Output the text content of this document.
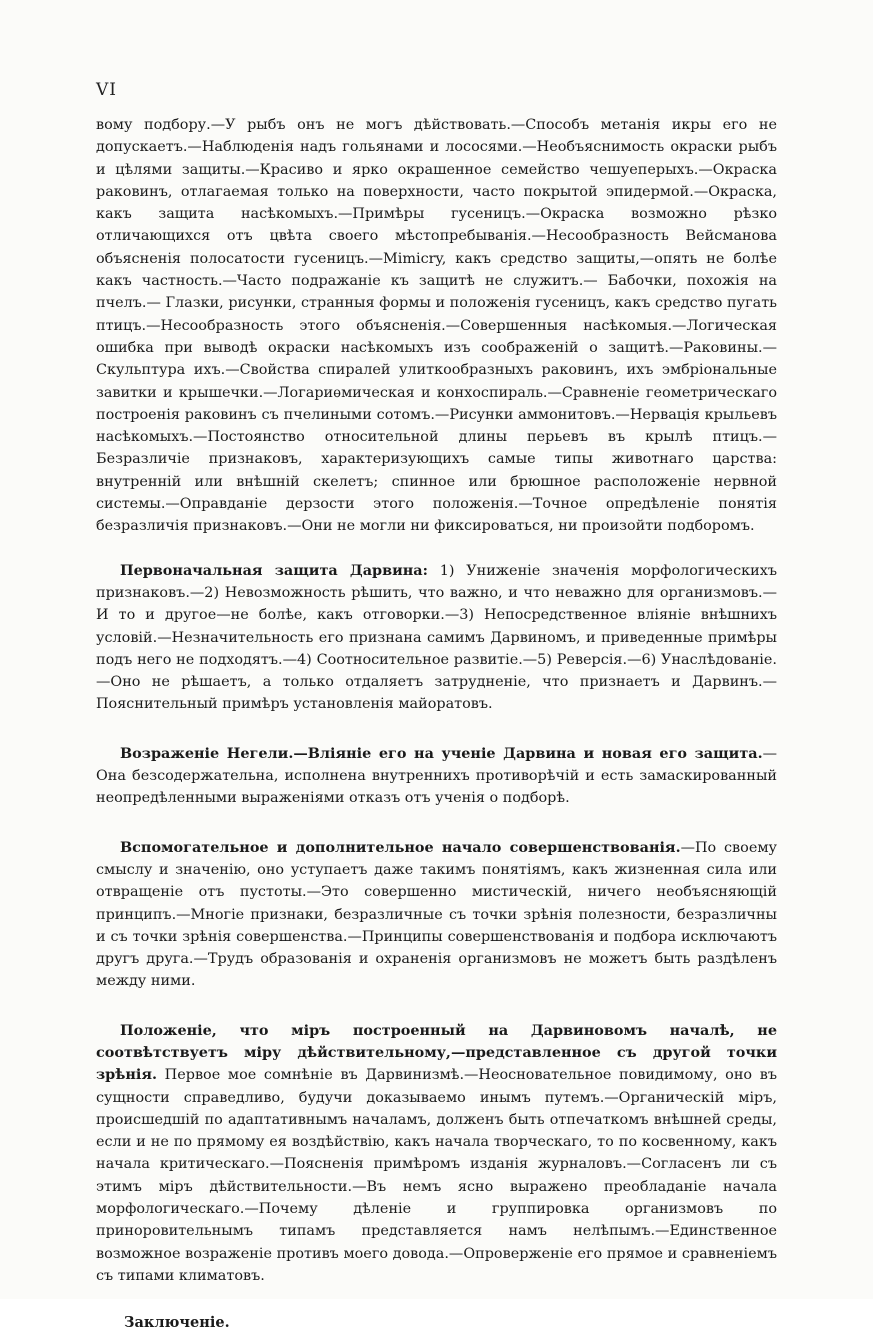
VI

вому подбору.—У рыбъ онъ не могъ дѣйствовать.—Способъ метанія икры его не допускаетъ.—Наблюденія надъ гольянами и лососями.—Необъяснимость окраски рыбъ и цѣлями защиты.—Красиво и ярко окрашенное семейство чешуеперыхъ.—Окраска раковинъ, отлагаемая только на поверхности, часто покрытой эпидермой.—Окраска, какъ защита насѣкомыхъ.—Примѣры гусеницъ.—Окраска возможно рѣзко отличающихся отъ цвѣта своего мѣстопребыванія.—Несообразность Вейсманова объясненія полосатости гусеницъ.—Mimicry, какъ средство защиты,—опять не болѣе какъ частность.—Часто подражаніе къ защитѣ не служитъ.— Бабочки, похожія на пчелъ.— Глазки, рисунки, странныя формы и положенія гусеницъ, какъ средство пугать птицъ.—Несообразность этого объясненія.—Совершенныя насѣкомыя.—Логическая ошибка при выводѣ окраски насѣкомыхъ изъ соображеній о защитѣ.—Раковины.—Скульптура ихъ.—Свойства спиралей улиткообразныхъ раковинъ, ихъ эмбріональные завитки и крышечки.—Логариѳмическая и конхоспираль.—Сравненіе геометрическаго построенія раковинъ съ пчелиными сотомъ.—Рисунки аммонитовъ.—Нервація крыльевъ насѣкомыхъ.—Постоянство относительной длины перьевъ въ крылѣ птицъ.—Безразличіе признаковъ, характеризующихъ самые типы животнаго царства: внутренній или внѣшній скелетъ; спинное или брюшное расположеніе нервной системы.—Оправданіе дерзости этого положенія.—Точное опредѣленіе понятія безразличія признаковъ.—Они не могли ни фиксироваться, ни произойти подборомъ.

Первоначальная защита Дарвина: 1) Униженіе значенія морфологическихъ признаковъ.—2) Невозможность рѣшить, что важно, и что неважно для организмовъ.—И то и другое—не болѣе, какъ отговорки.—3) Непосредственное вліяніе внѣшнихъ условій.—Незначительность его признана самимъ Дарвиномъ, и приведенные примѣры подъ него не подходятъ.—4) Соотносительное развитіе.—5) Реверсія.—6) Унаслѣдованіе.—Оно не рѣшаетъ, а только отдаляетъ затрудненіе, что признаетъ и Дарвинъ.—Пояснительный примѣръ установленія майоратовъ.

Возраженіе Негели.—Вліяніе его на ученіе Дарвина и новая его защита.—Она безсодержательна, исполнена внутреннихъ противорѣчій и есть замаскированный неопредѣленными выраженіями отказъ отъ ученія о подборѣ.

Вспомогательное и дополнительное начало совершенствованія.—По своему смыслу и значенію, оно уступаетъ даже такимъ понятіямъ, какъ жизненная сила или отвращеніе отъ пустоты.—Это совершенно мистическій, ничего необъясняющій принципъ.—Многіе признаки, безразличные съ точки зрѣнія полезности, безразличны и съ точки зрѣнія совершенства.—Принципы совершенствованія и подбора исключаютъ другъ друга.—Трудъ образованія и охраненія организмовъ не можетъ быть раздѣленъ между ними.

Положеніе, что міръ построенный на Дарвиновомъ началѣ, не соотвѣтствуетъ міру дѣйствительному,—представленное съ другой точки зрѣнія. Первое мое сомнѣніе въ Дарвинизмѣ.—Неосновательное повидимому, оно въ сущности справедливо, будучи доказываемо инымъ путемъ.—Органическій міръ, происшедшій по адаптативнымъ началамъ, долженъ быть отпечаткомъ внѣшней среды, если и не по прямому ея воздѣйствію, какъ начала творческаго, то по косвенному, какъ начала критическаго.—Поясненія примѣромъ изданія журналовъ.—Согласенъ ли съ этимъ міръ дѣйствительности.—Въ немъ ясно выражено преобладаніе начала морфологическаго.—Почему дѣленіе и группировка организмовъ по приноровительнымъ типамъ представляется намъ нелѣпымъ.—Единственное возможное возраженіе противъ моего довода.—Опроверженіе его прямое и сравненіемъ съ типами климатовъ.

Заключеніе.
